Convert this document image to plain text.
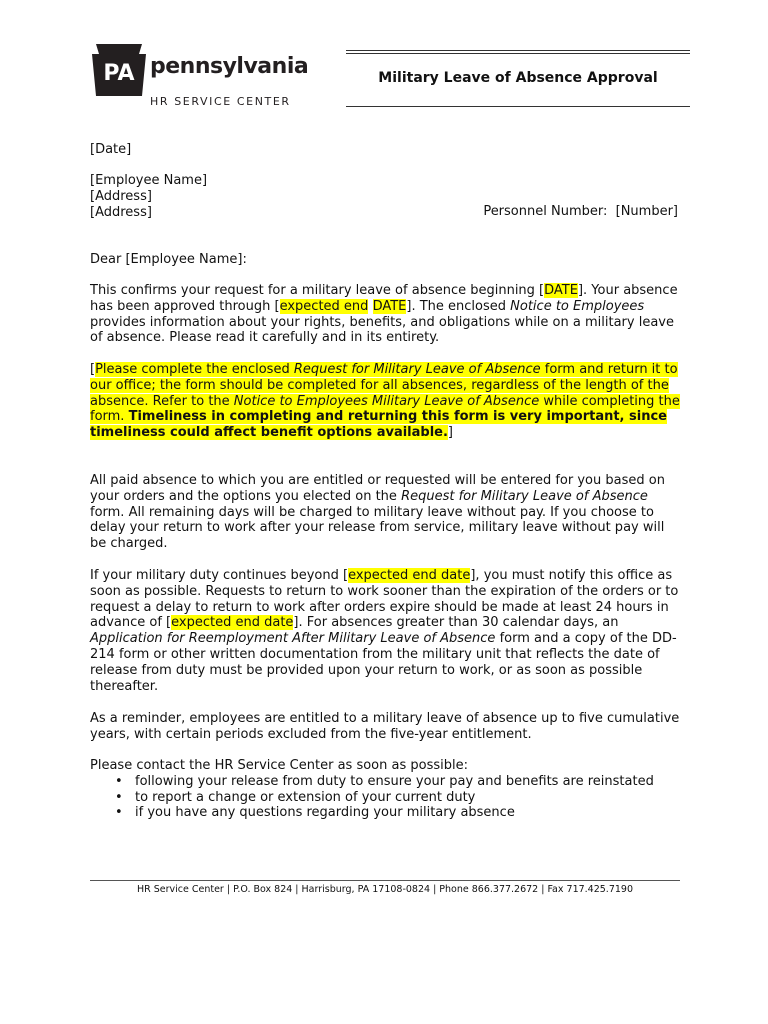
PA pennsylvania
HR SERVICE CENTER
Military Leave of Absence Approval
[Date]
[Employee Name]
[Address]
[Address]	Personnel Number: [Number]

Dear [Employee Name]:

This confirms your request for a military leave of absence beginning [DATE]. Your absence has been approved through [expected end DATE]. The enclosed Notice to Employees provides information about your rights, benefits, and obligations while on a military leave of absence. Please read it carefully and in its entirety.

[Please complete the enclosed Request for Military Leave of Absence form and return it to our office; the form should be completed for all absences, regardless of the length of the absence. Refer to the Notice to Employees Military Leave of Absence while completing the form. Timeliness in completing and returning this form is very important, since timeliness could affect benefit options available.]

All paid absence to which you are entitled or requested will be entered for you based on your orders and the options you elected on the Request for Military Leave of Absence form. All remaining days will be charged to military leave without pay. If you choose to delay your return to work after your release from service, military leave without pay will be charged.

If your military duty continues beyond [expected end date], you must notify this office as soon as possible. Requests to return to work sooner than the expiration of the orders or to request a delay to return to work after orders expire should be made at least 24 hours in advance of [expected end date]. For absences greater than 30 calendar days, an Application for Reemployment After Military Leave of Absence form and a copy of the DD-214 form or other written documentation from the military unit that reflects the date of release from duty must be provided upon your return to work, or as soon as possible thereafter.

As a reminder, employees are entitled to a military leave of absence up to five cumulative years, with certain periods excluded from the five-year entitlement.

Please contact the HR Service Center as soon as possible:

• following your release from duty to ensure your pay and benefits are reinstated
• to report a change or extension of your current duty
• if you have any questions regarding your military absence
HR Service Center | P.O. Box 824 | Harrisburg, PA 17108-0824 | Phone 866.377.2672 | Fax 717.425.7190
